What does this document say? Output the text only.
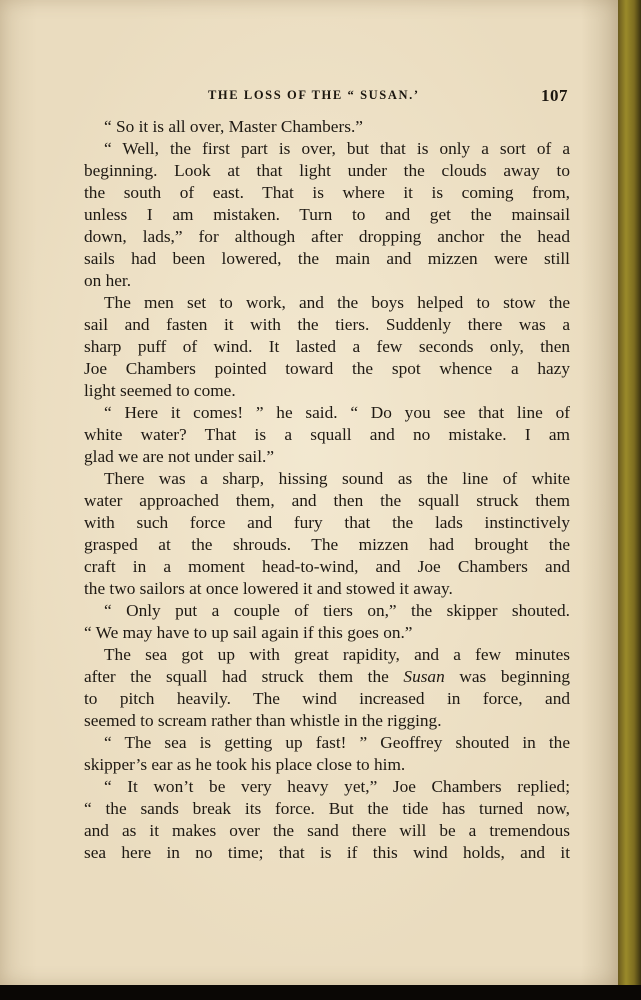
THE LOSS OF THE “ SUSAN.’	107
“ So it is all over, Master Chambers.”
“ Well, the first part is over, but that is only a sort of a
beginning. Look at that light under the clouds away to
the south of east. That is where it is coming from,
unless I am mistaken. Turn to and get the mainsail
down, lads,” for although after dropping anchor the head
sails had been lowered, the main and mizzen were still
on her.
The men set to work, and the boys helped to stow the
sail and fasten it with the tiers. Suddenly there was a
sharp puff of wind. It lasted a few seconds only, then
Joe Chambers pointed toward the spot whence a hazy
light seemed to come.
“ Here it comes! ” he said. “ Do you see that line of
white water? That is a squall and no mistake. I am
glad we are not under sail.”
There was a sharp, hissing sound as the line of white
water approached them, and then the squall struck them
with such force and fury that the lads instinctively
grasped at the shrouds. The mizzen had brought the
craft in a moment head-to-wind, and Joe Chambers and
the two sailors at once lowered it and stowed it away.
“ Only put a couple of tiers on,” the skipper shouted.
“ We may have to up sail again if this goes on.”
The sea got up with great rapidity, and a few minutes
after the squall had struck them the Susan was beginning
to pitch heavily. The wind increased in force, and
seemed to scream rather than whistle in the rigging.
“ The sea is getting up fast! ” Geoffrey shouted in the
skipper’s ear as he took his place close to him.
“ It won’t be very heavy yet,” Joe Chambers replied;
“ the sands break its force. But the tide has turned now,
and as it makes over the sand there will be a tremendous
sea here in no time; that is if this wind holds, and it
